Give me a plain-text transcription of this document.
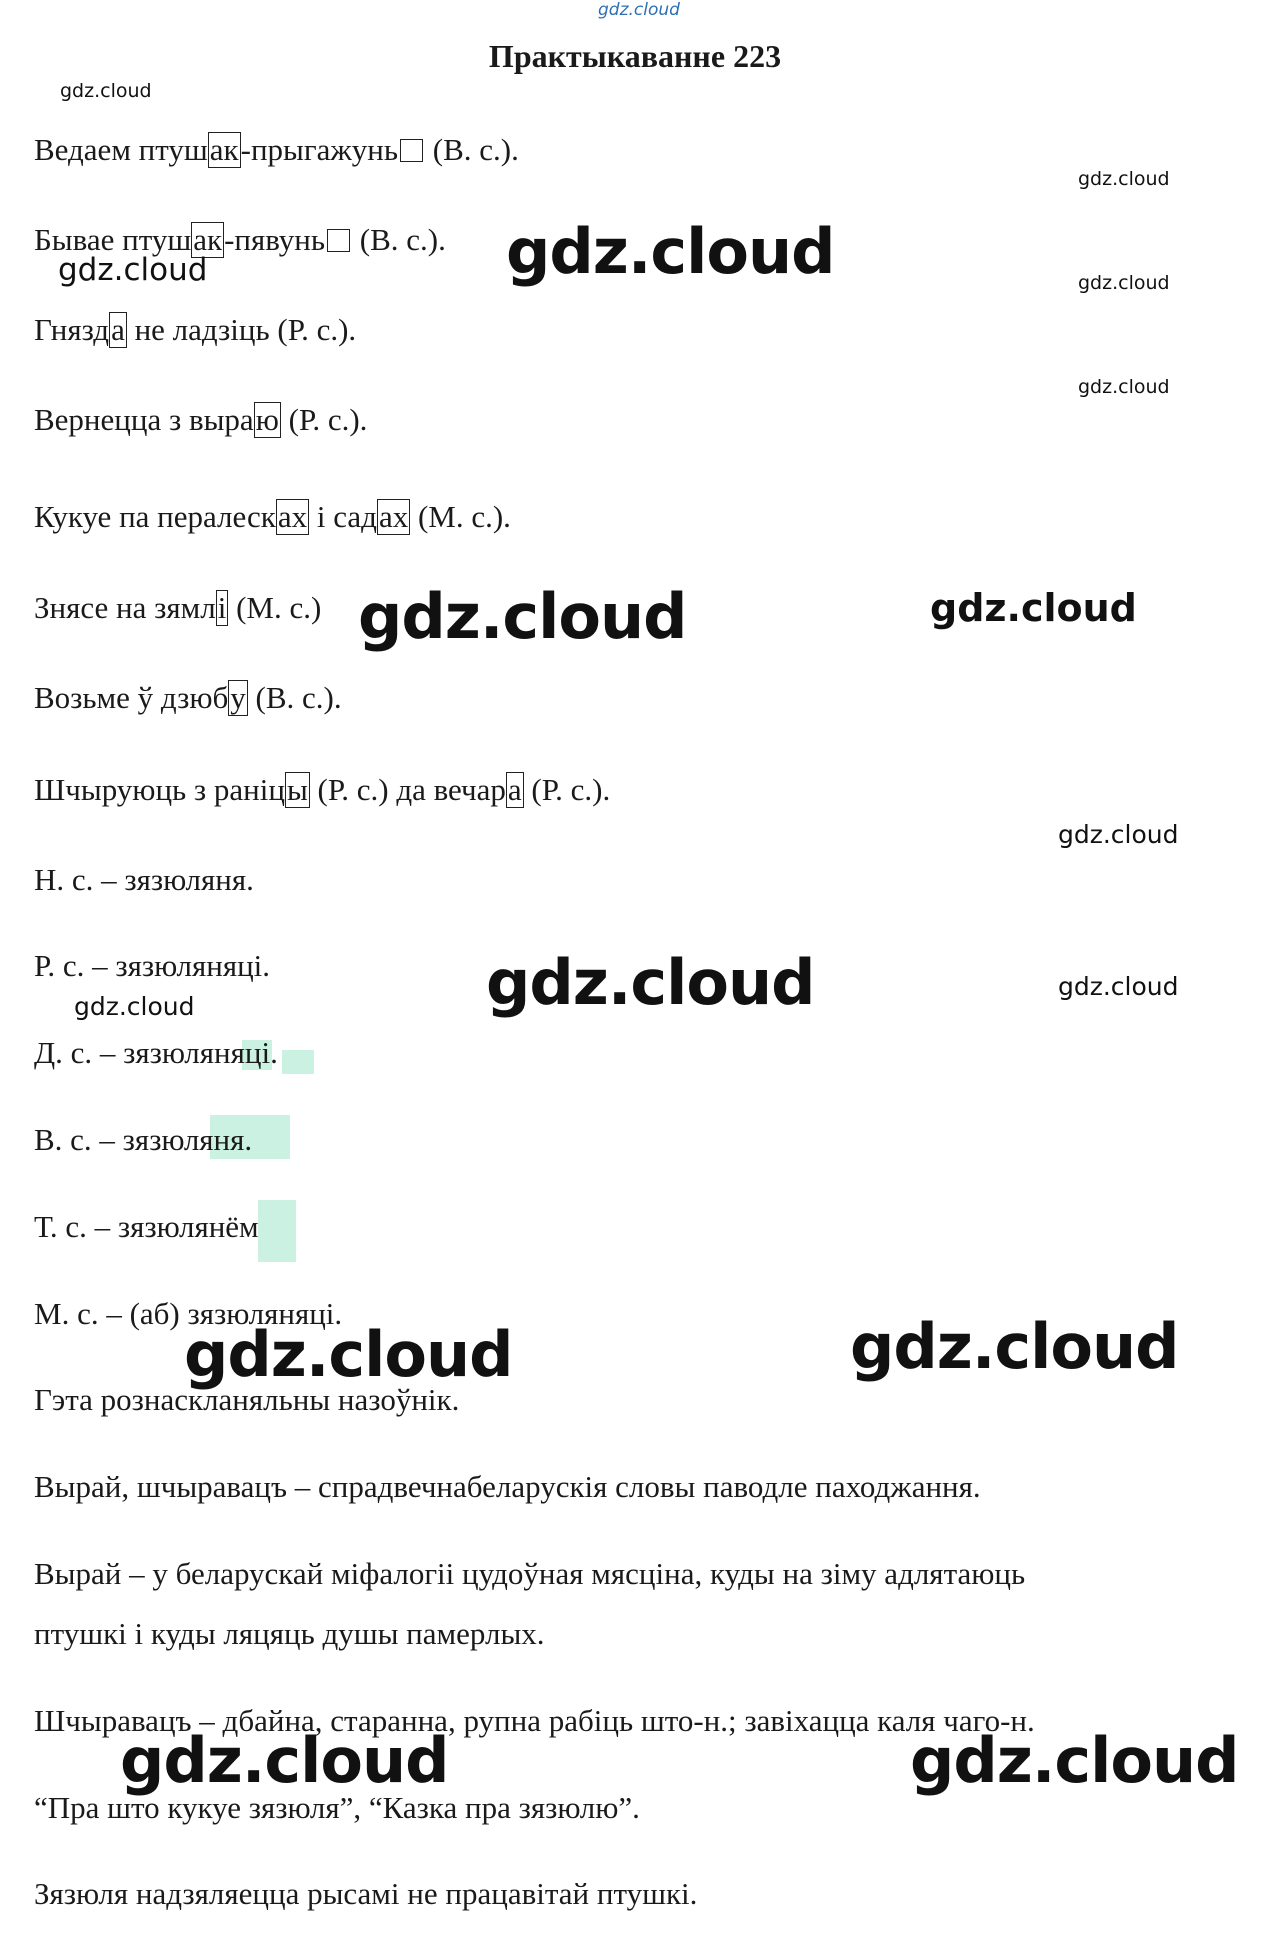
gdz.cloud
Практыкаванне 223
Ведаем птушак-прыгажунь (В. с.).
Бывае птушак-пявунь (В. с.).
Гнязда не ладзіць (Р. с.).
Вернецца з выраю (Р. с.).
Кукуе па пералесках і садах (М. с.).
Знясе на зямлі (М. с.)
Возьме ў дзюбу (В. с.).
Шчыруюць з раніцы (Р. с.) да вечара (Р. с.).
Н. с. – зязюляня.
Р. с. – зязюляняці.
Д. с. – зязюляняці.
В. с. – зязюляня.
Т. с. – зязюлянём
М. с. – (аб) зязюляняці.
Гэта рознаскланяльны назоўнік.
Вырай, шчыравацъ – спрадвечнабеларускія словы паводле паходжання.
Вырай – у беларускай міфалогіі цудоўная мясціна, куды на зіму адлятаюць
птушкі і куды ляцяць душы памерлых.
Шчыравацъ – дбайна, старанна, рупна рабіць што-н.; завіхацца каля чаго-н.
“Пра што кукуе зязюля”, “Казка пра зязюлю”.
Зязюля надзяляецца рысамі не працавітай птушкі.
gdz.cloud
gdz.cloud
gdz.cloud
gdz.cloud	gdz.cloud
gdz.cloud
gdz.cloud	gdz.cloud
gdz.cloud
gdz.cloud	gdz.cloud
gdz.cloud
gdz.cloud	gdz.cloud
gdz.cloud	gdz.cloud
